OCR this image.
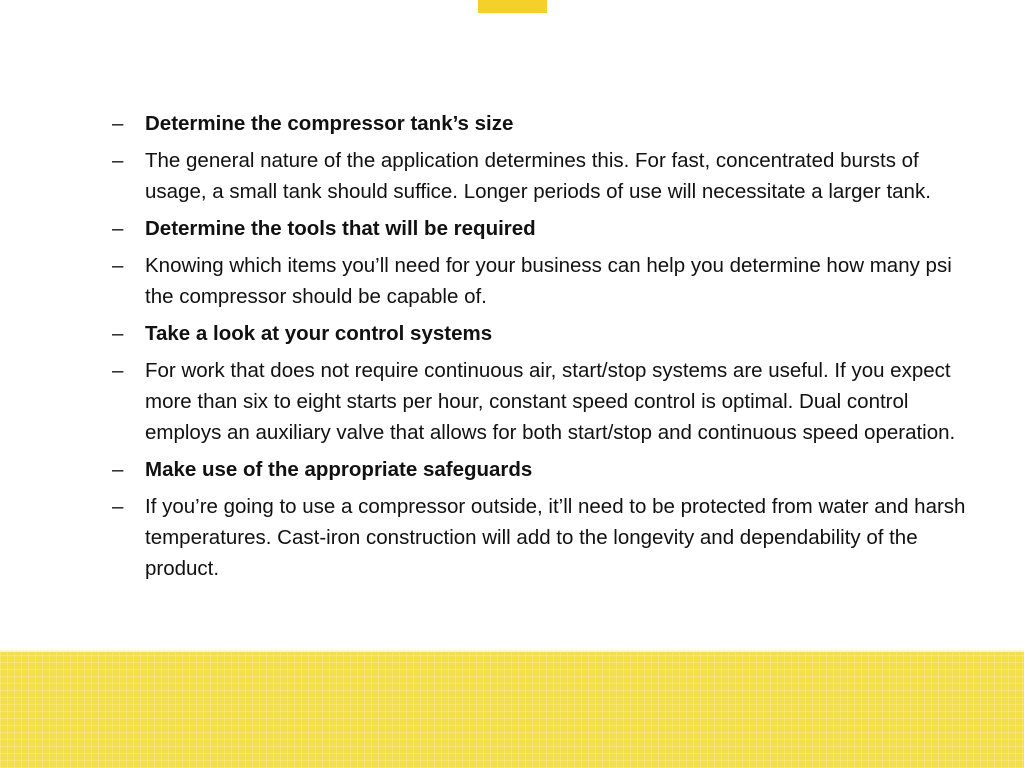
–	Determine the compressor tank’s size
–	The general nature of the application determines this. For fast, concentrated bursts of usage, a small tank should suffice. Longer periods of use will necessitate a larger tank.
–	Determine the tools that will be required
–	Knowing which items you’ll need for your business can help you determine how many psi the compressor should be capable of.
–	Take a look at your control systems
–	For work that does not require continuous air, start/stop systems are useful. If you expect more than six to eight starts per hour, constant speed control is optimal. Dual control employs an auxiliary valve that allows for both start/stop and continuous speed operation.
–	Make use of the appropriate safeguards
–	If you’re going to use a compressor outside, it’ll need to be protected from water and harsh temperatures. Cast-iron construction will add to the longevity and dependability of the product.
